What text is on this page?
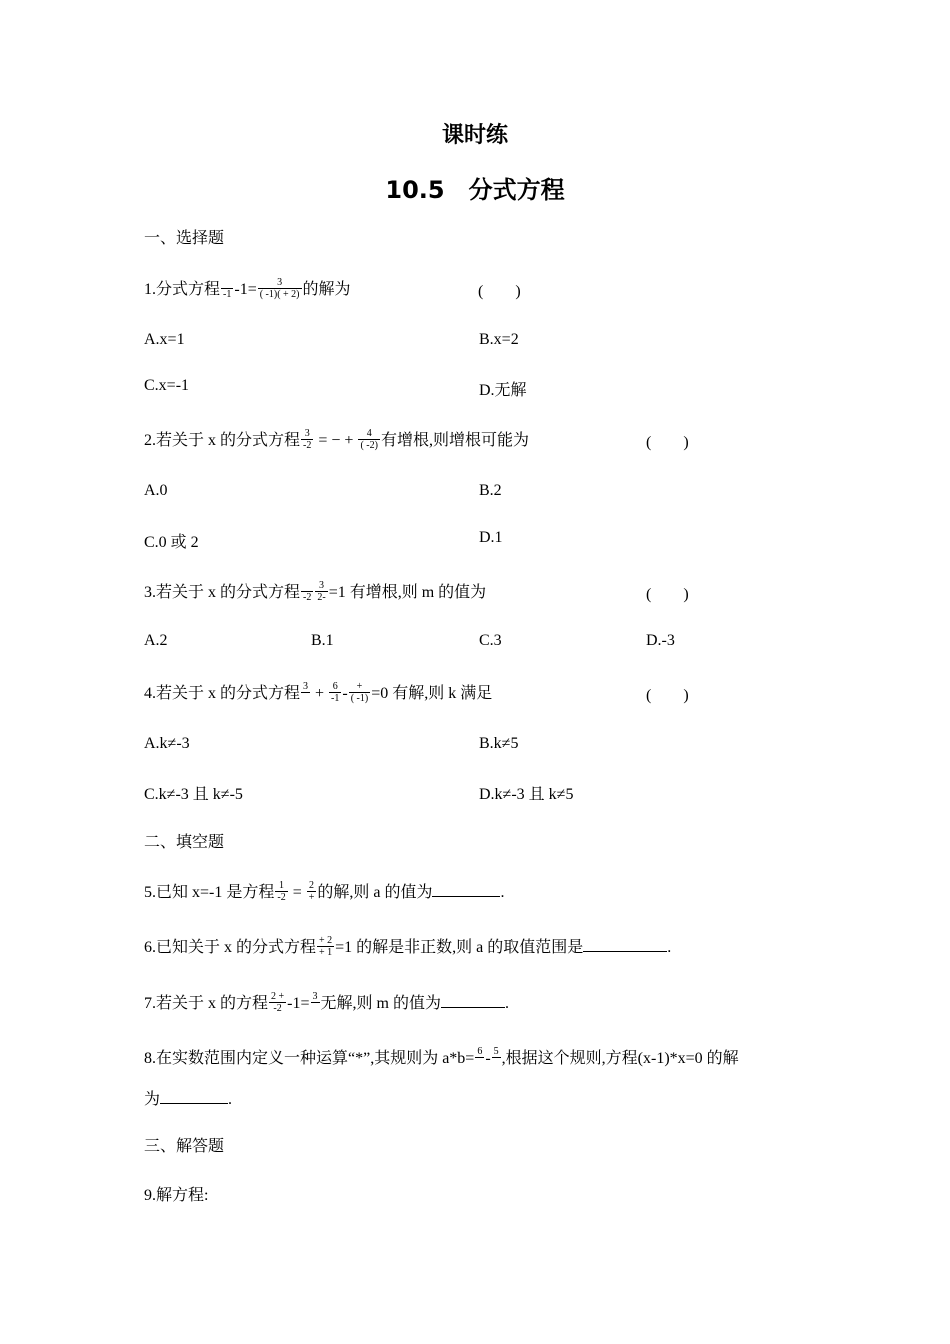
课时练
10.5　分式方程
一、选择题
1.分式方程 -1 $-1= \frac{3}{( -1)( + 2)}$ 的解为	(　　)
A.x=1	B.x=2
C.x=-1	D.无解
2.若关于 x 的分式方程 $\frac{3}{-2}$ = − + $\frac{4}{( -2)}$ 有增根,则增根可能为	(　　)
A.0	B.2
C.0 或 2	D.1
3.若关于 x 的分式方程 $-2 \frac{3}{2-} =1$ 有增根,则 m 的值为	(　　)
A.2	B.1	C.3	D.-3
4.若关于 x 的分式方程 $3 + \frac{6}{-1} - \frac{+}{( -1)} =0$ 有解,则 k 满足	(　　)
A.k≠-3	B.k≠5
C.k≠-3 且 k≠-5	D.k≠-3 且 k≠5
二、填空题
5.已知 x=-1 是方程 $\frac{1}{-2} = \frac{2}{+}$ 的解,则 a 的值为	.
6.已知关于 x 的分式方程 $\frac{+ 2}{+ 1} =1$ 的解是非正数,则 a 的取值范围是	.
7.若关于 x 的方程 $\frac{2 +}{-2} -1= 3$ 无解,则 m 的值为	.
8.在实数范围内定义一种运算“*”,其规则为 a*b= 6 - 5 ,根据这个规则,方程(x-1)*x=0 的解
为	.
三、解答题
9.解方程:
